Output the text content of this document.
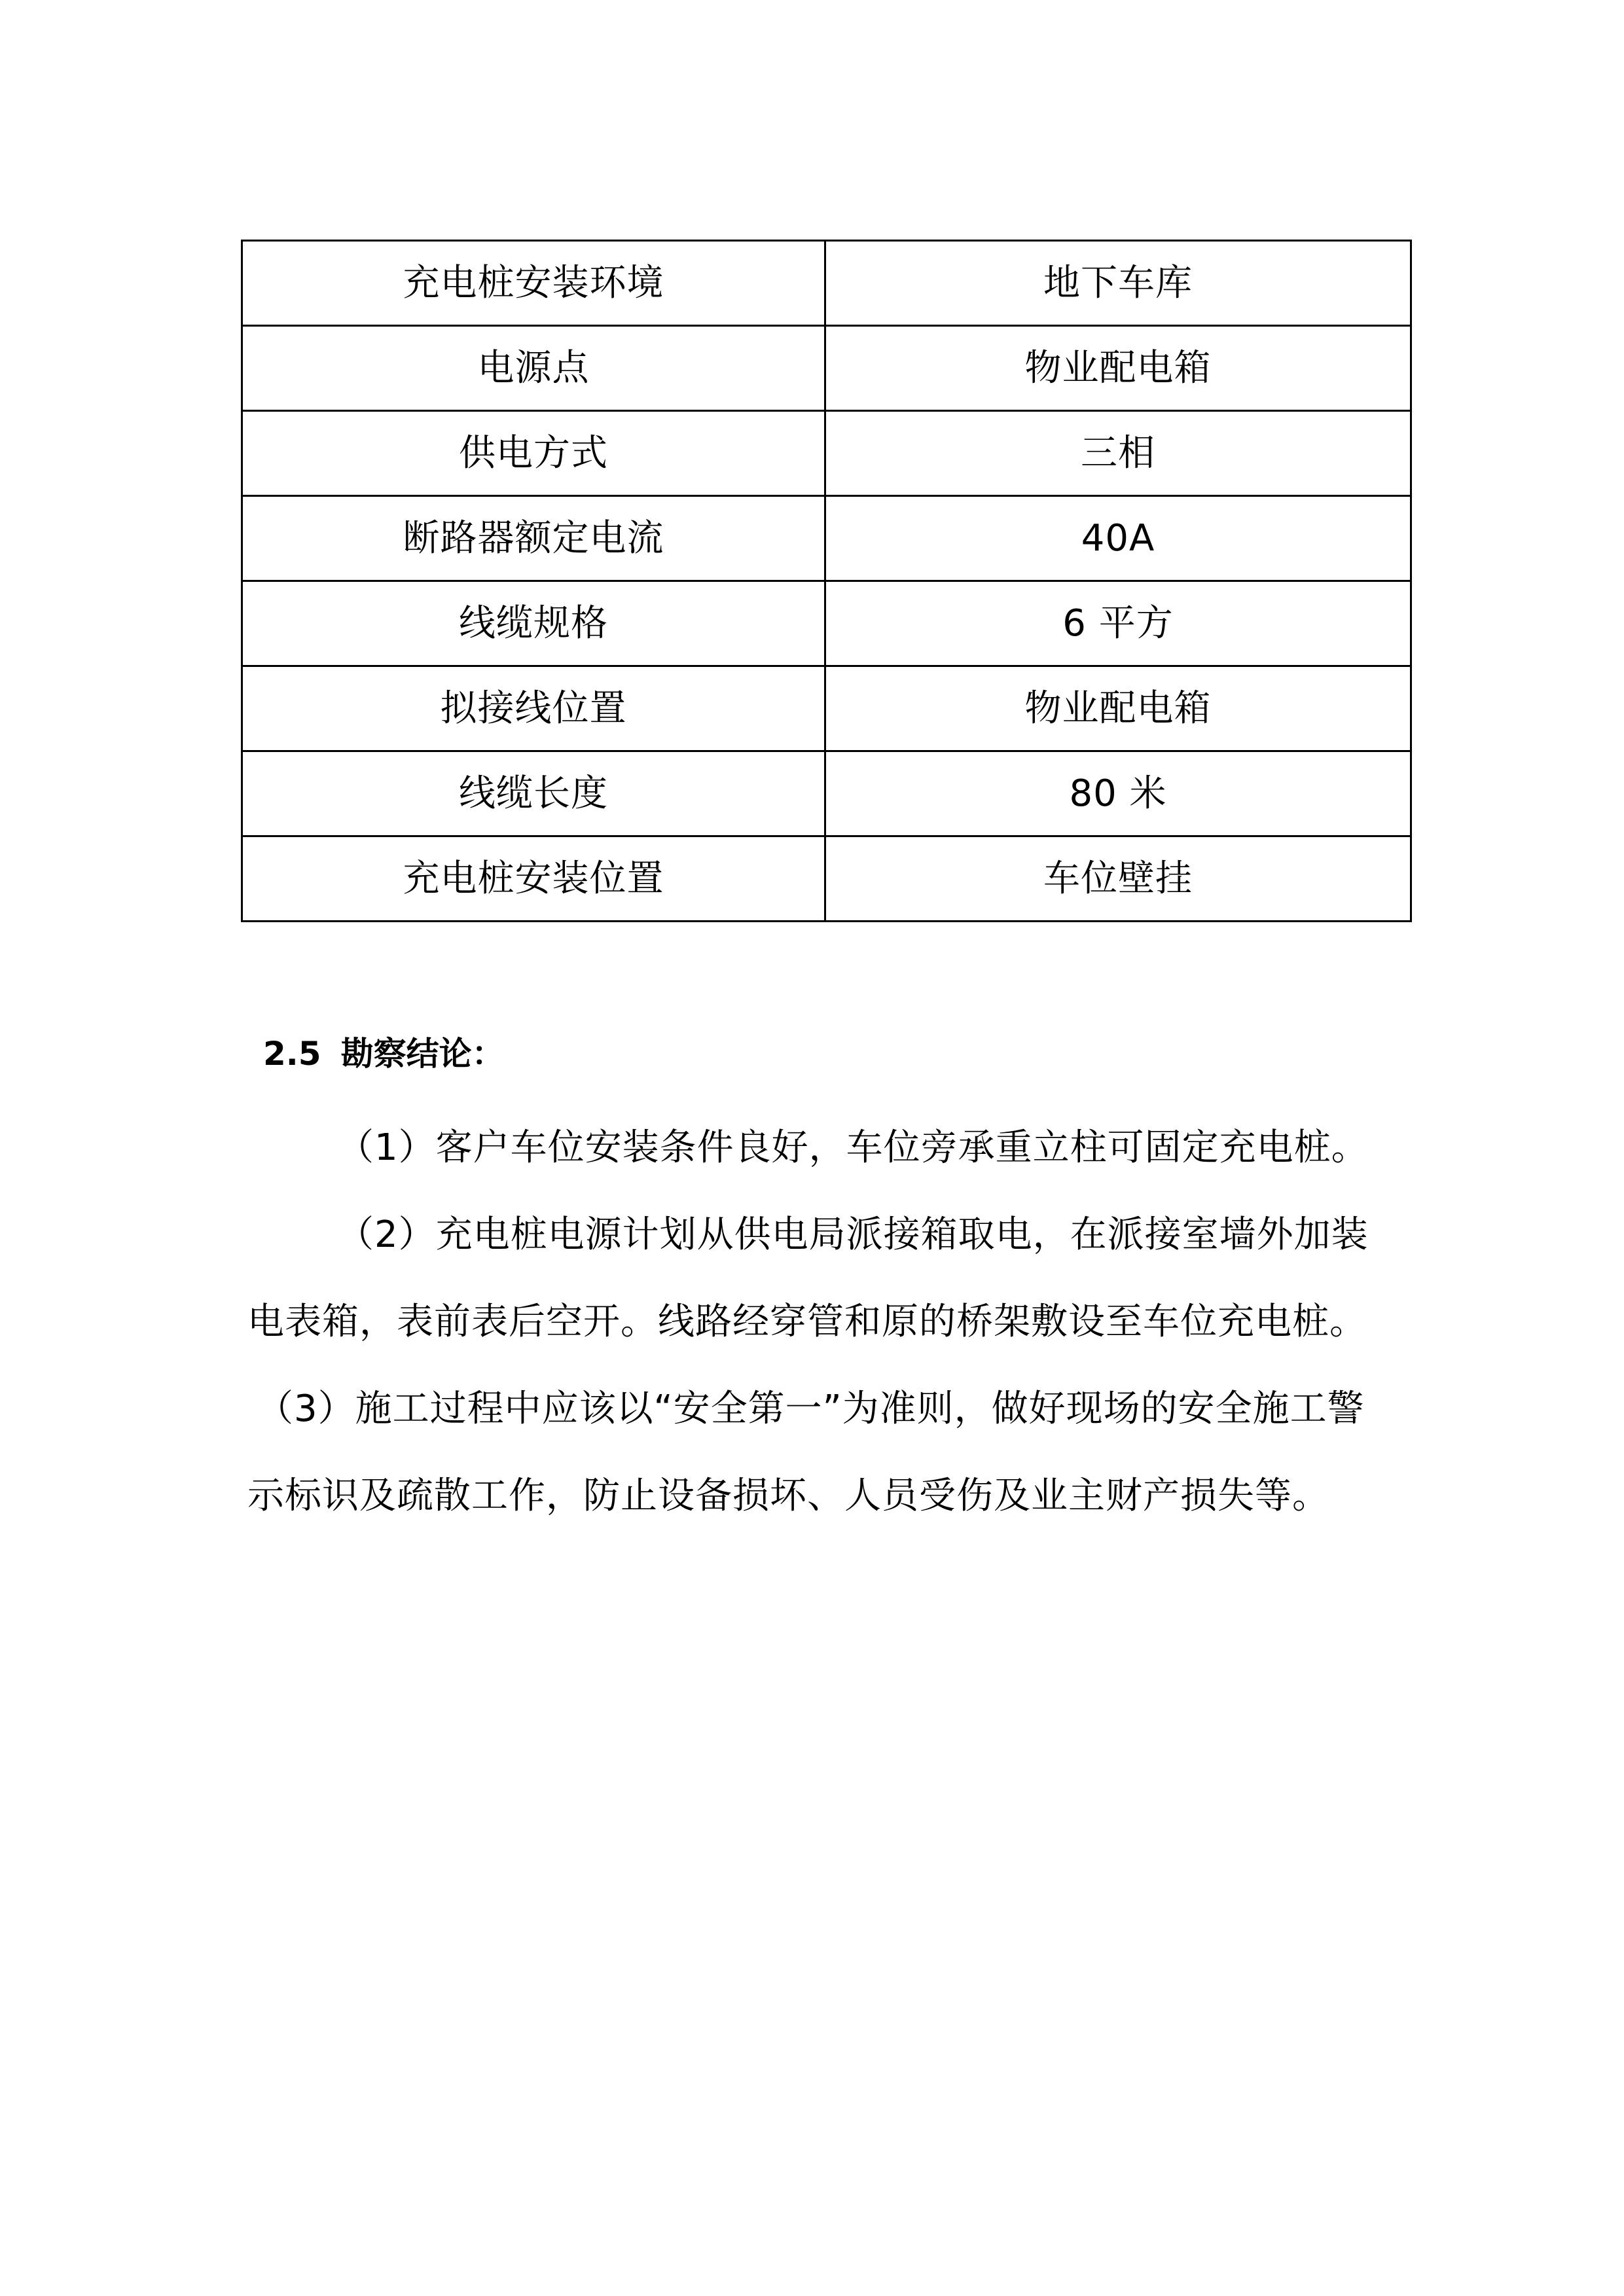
充电桩安装环境	地下车库
电源点	物业配电箱
供电方式	三相
断路器额定电流	40A
线缆规格	6 平方
拟接线位置	物业配电箱
线缆长度	80 米
充电桩安装位置	车位壁挂
2.5 勘察结论：
（1）客户车位安装条件良好，车位旁承重立柱可固定充电桩。
（2）充电桩电源计划从供电局派接箱取电，在派接室墙外加装
电表箱，表前表后空开。线路经穿管和原的桥架敷设至车位充电桩。
（3）施工过程中应该以“安全第一”为准则，做好现场的安全施工警
示标识及疏散工作，防止设备损坏、人员受伤及业主财产损失等。
